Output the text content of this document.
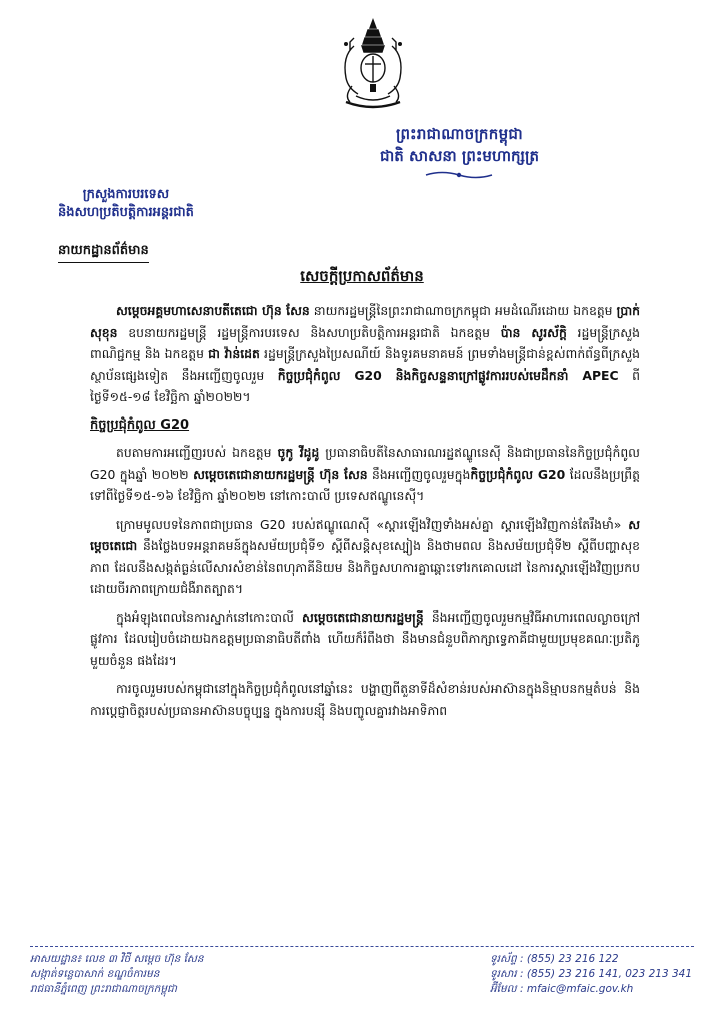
ព្រះរាជាណាចក្រកម្ពុជា
ជាតិ សាសនា ព្រះមហាក្សត្រ
ក្រសួងការបរទេស
និងសហប្រតិបត្តិការអន្តរជាតិ
នាយកដ្ឋានព័ត៌មាន
សេចក្តីប្រកាសព័ត៌មាន

សម្តេចអគ្គមហាសេនាបតីតេជោ ហ៊ុន សែន នាយករដ្ឋមន្ត្រីនៃព្រះរាជាណាចក្រកម្ពុជា អមដំណើរដោយ ឯកឧត្តម ប្រាក់ សុខុន ឧបនាយករដ្ឋមន្ត្រី រដ្ឋមន្ត្រីការបរទេស និងសហប្រតិបត្តិការអន្តរជាតិ ឯកឧត្តម ប៉ាន សូរស័ក្តិ រដ្ឋមន្ត្រីក្រសួងពាណិជ្ជកម្ម និង ឯកឧត្តម ជា វ៉ាន់ដេត រដ្ឋមន្ត្រីក្រសួងប្រៃសណីយ៍ និងទូរគមនាគមន៍ ព្រមទាំងមន្ត្រីជាន់ខ្ពស់ពាក់ព័ន្ធពីក្រសួងស្ថាប័នផ្សេងទៀត នឹងអញ្ជើញចូលរួម កិច្ចប្រជុំកំពូល G20 និងកិច្ចសន្ទនាក្រៅផ្លូវការរបស់មេដឹកនាំ APEC ពីថ្ងៃទី១៥-១៨ ខែវិច្ឆិកា ឆ្នាំ២០២២។

កិច្ចប្រជុំកំពូល G20

តបតាមការអញ្ជើញរបស់ ឯកឧត្តម ចូកូ វីដូដូ ប្រធានាធិបតីនៃសាធារណរដ្ឋឥណ្ឌូនេស៊ី និងជាប្រធាននៃកិច្ចប្រជុំកំពូល G20 ក្នុងឆ្នាំ ២០២២ សម្តេចតេជោនាយករដ្ឋមន្ត្រី ហ៊ុន សែន នឹងអញ្ជើញចូលរួមក្នុងកិច្ចប្រជុំកំពូល G20 ដែលនឹងប្រព្រឹត្តទៅពីថ្ងៃទី១៥-១៦ ខែវិច្ឆិកា ឆ្នាំ២០២២ នៅកោះបាលី ប្រទេសឥណ្ឌូនេស៊ី។

ក្រោមមូលបទនៃភាពជាប្រធាន G20 របស់ឥណ្ឌូណេស៊ី «ស្តារឡើងវិញទាំងអស់គ្នា ស្តារឡើងវិញកាន់តែរឹងមាំ» សម្តេចតេជោ នឹងថ្លែងបទអន្តរាគមន៍ក្នុងសម័យប្រជុំទី១ ស្តីពីសន្តិសុខស្បៀង និងថាមពល និងសម័យប្រជុំទី២ ស្តីពីបញ្ហាសុខភាព ដែលនឹងសង្កត់ធ្ងន់លើសារសំខាន់នៃពហុភាគីនិយម និងកិច្ចសហការគ្នាឆ្ពោះទៅរកគោលដៅ នៃការស្តារឡើងវិញប្រកបដោយចីរភាពក្រោយជំងឺរាតត្បាត។

ក្នុងអំឡុងពេលនៃការស្នាក់នៅកោះបាលី សម្តេចតេជោនាយករដ្ឋមន្ត្រី នឹងអញ្ជើញចូលរួមកម្មវិធីអាហារពេលល្ងាចក្រៅផ្លូវការ ដែលរៀបចំដោយឯកឧត្តមប្រធានាធិបតីពាំង ហើយក៏រំពឹងថា នឹងមានជំនួបពិភាក្សាទ្វេភាគីជាមួយប្រមុខគណៈប្រតិភូមួយចំនួន ផងដែរ។

ការចូលរួមរបស់កម្ពុជានៅក្នុងកិច្ចប្រជុំកំពូលនៅឆ្នាំនេះ បង្ហាញពីតួនាទីដ៏សំខាន់របស់អាស៊ានក្នុងនិម្មាបនកម្មតំបន់ និងការប្តេជ្ញាចិត្តរបស់ប្រធានអាស៊ានបច្ចុប្បន្ន ក្នុងការបន្ស៊ី និងបញ្ចូលគ្នារវាងអាទិភាព

អាសយដ្ឋាន៖ លេខ ៣ វិថី សម្តេច ហ៊ុន សែន
សង្កាត់ទន្លេបាសាក់ ខណ្ឌចំការមន
រាជធានីភ្នំពេញ ព្រះរាជាណាចក្រកម្ពុជា
ទូរស័ព្ទ : (855) 23 216 122
ទូរសារ : (855) 23 216 141, 023 213 341
អ៊ីមែល : mfaic@mfaic.gov.kh
